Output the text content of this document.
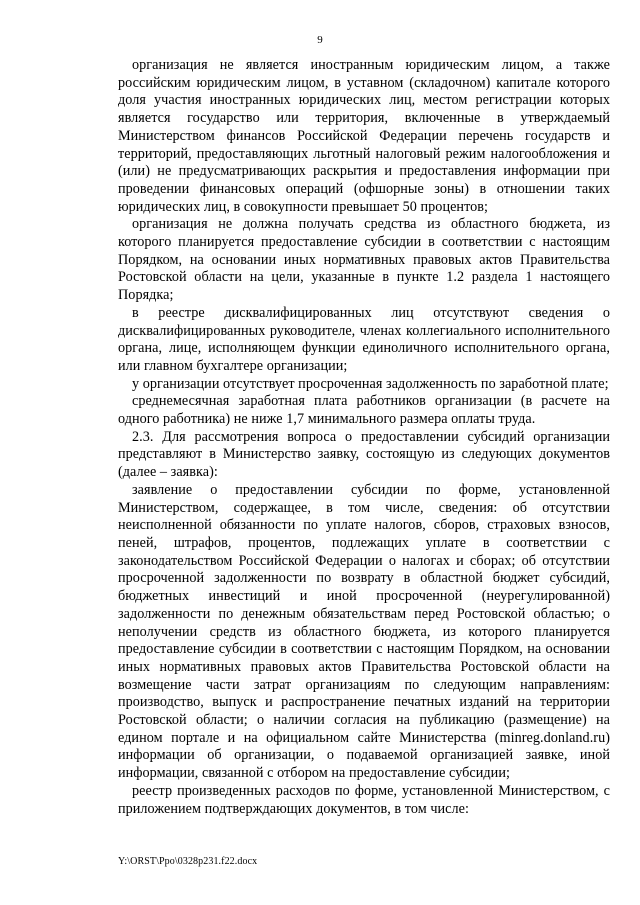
9

организация не является иностранным юридическим лицом, а также российским юридическим лицом, в уставном (складочном) капитале которого доля участия иностранных юридических лиц, местом регистрации которых является государство или территория, включенные в утверждаемый Министерством финансов Российской Федерации перечень государств и территорий, предоставляющих льготный налоговый режим налогообложения и (или) не предусматривающих раскрытия и предоставления информации при проведении финансовых операций (офшорные зоны) в отношении таких юридических лиц, в совокупности превышает 50 процентов;

организация не должна получать средства из областного бюджета, из которого планируется предоставление субсидии в соответствии с настоящим Порядком, на основании иных нормативных правовых актов Правительства Ростовской области на цели, указанные в пункте 1.2 раздела 1 настоящего Порядка;

в реестре дисквалифицированных лиц отсутствуют сведения о дисквалифицированных руководителе, членах коллегиального исполнительного органа, лице, исполняющем функции единоличного исполнительного органа, или главном бухгалтере организации;

у организации отсутствует просроченная задолженность по заработной плате;

среднемесячная заработная плата работников организации (в расчете на одного работника) не ниже 1,7 минимального размера оплаты труда.

2.3. Для рассмотрения вопроса о предоставлении субсидий организации представляют в Министерство заявку, состоящую из следующих документов (далее – заявка):

заявление о предоставлении субсидии по форме, установленной Министерством, содержащее, в том числе, сведения: об отсутствии неисполненной обязанности по уплате налогов, сборов, страховых взносов, пеней, штрафов, процентов, подлежащих уплате в соответствии с законодательством Российской Федерации о налогах и сборах; об отсутствии просроченной задолженности по возврату в областной бюджет субсидий, бюджетных инвестиций и иной просроченной (неурегулированной) задолженности по денежным обязательствам перед Ростовской областью; о неполучении средств из областного бюджета, из которого планируется предоставление субсидии в соответствии с настоящим Порядком, на основании иных нормативных правовых актов Правительства Ростовской области на возмещение части затрат организациям по следующим направлениям: производство, выпуск и распространение печатных изданий на территории Ростовской области; о наличии согласия на публикацию (размещение) на едином портале и на официальном сайте Министерства (minreg.donland.ru) информации об организации, о подаваемой организацией заявке, иной информации, связанной с отбором на предоставление субсидии;

реестр произведенных расходов по форме, установленной Министерством, с приложением подтверждающих документов, в том числе:

Y:\ORST\Ppo\0328p231.f22.docx
